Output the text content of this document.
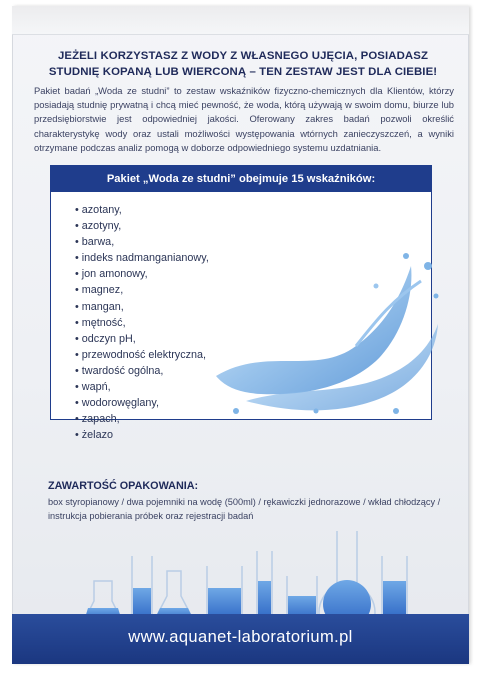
JEŻELI KORZYSTASZ Z WODY Z WŁASNEGO UJĘCIA, POSIADASZ
STUDNIĘ KOPANĄ LUB WIERCONĄ – TEN ZESTAW JEST DLA CIEBIE!
Pakiet badań „Woda ze studni” to zestaw wskaźników fizyczno-chemicznych dla Klientów, którzy posiadają studnię prywatną i chcą mieć pewność, że woda, którą używają w swoim domu, biurze lub przedsiębiorstwie jest odpowiedniej jakości. Oferowany zakres badań pozwoli określić charakterystykę wody oraz ustali możliwości występowania wtórnych zanieczyszczeń, a wyniki otrzymane podczas analiz pomogą w doborze odpowiedniego systemu uzdatniania.
Pakiet „Woda ze studni” obejmuje 15 wskaźników:
• azotany,
• azotyny,
• barwa,
• indeks nadmanganianowy,
• jon amonowy,
• magnez,
• mangan,
• mętność,
• odczyn pH,
• przewodność elektryczna,
• twardość ogólna,
• wapń,
• wodorowęglany,
• zapach,
• żelazo
ZAWARTOŚĆ OPAKOWANIA:
box styropianowy / dwa pojemniki na wodę (500ml) / rękawiczki jednorazowe / wkład chłodzący / instrukcja pobierania próbek oraz rejestracji badań
www.aquanet-laboratorium.pl
